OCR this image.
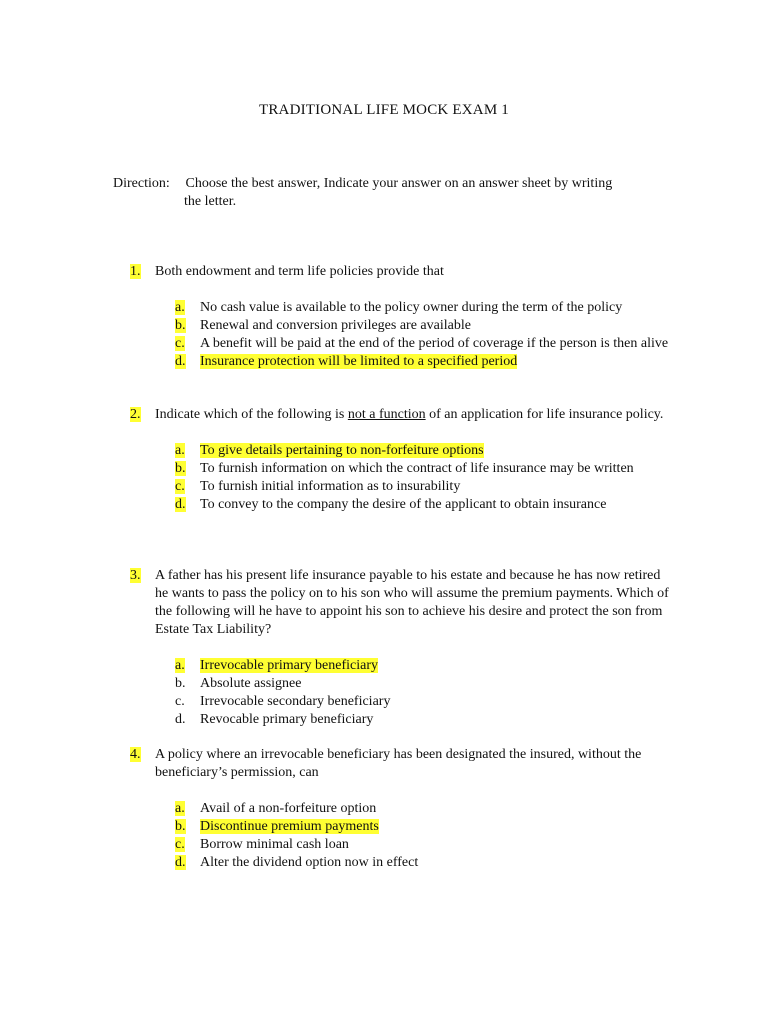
TRADITIONAL LIFE MOCK EXAM 1
Direction: Choose the best answer, Indicate your answer on an answer sheet by writing
the letter.
1.	Both endowment and term life policies provide that
a.	No cash value is available to the policy owner during the term of the policy
b.	Renewal and conversion privileges are available
c.	A benefit will be paid at the end of the period of coverage if the person is then alive
d.	Insurance protection will be limited to a specified period
2.	Indicate which of the following is not a function of an application for life insurance policy.
a.	To give details pertaining to non-forfeiture options
b.	To furnish information on which the contract of life insurance may be written
c.	To furnish initial information as to insurability
d.	To convey to the company the desire of the applicant to obtain insurance
3.	A father has his present life insurance payable to his estate and because he has now retired he wants to pass the policy on to his son who will assume the premium payments. Which of the following will he have to appoint his son to achieve his desire and protect the son from Estate Tax Liability?
a.	Irrevocable primary beneficiary
b.	Absolute assignee
c.	Irrevocable secondary beneficiary
d.	Revocable primary beneficiary
4.	A policy where an irrevocable beneficiary has been designated the insured, without the beneficiary’s permission, can
a.	Avail of a non-forfeiture option
b.	Discontinue premium payments
c.	Borrow minimal cash loan
d.	Alter the dividend option now in effect
